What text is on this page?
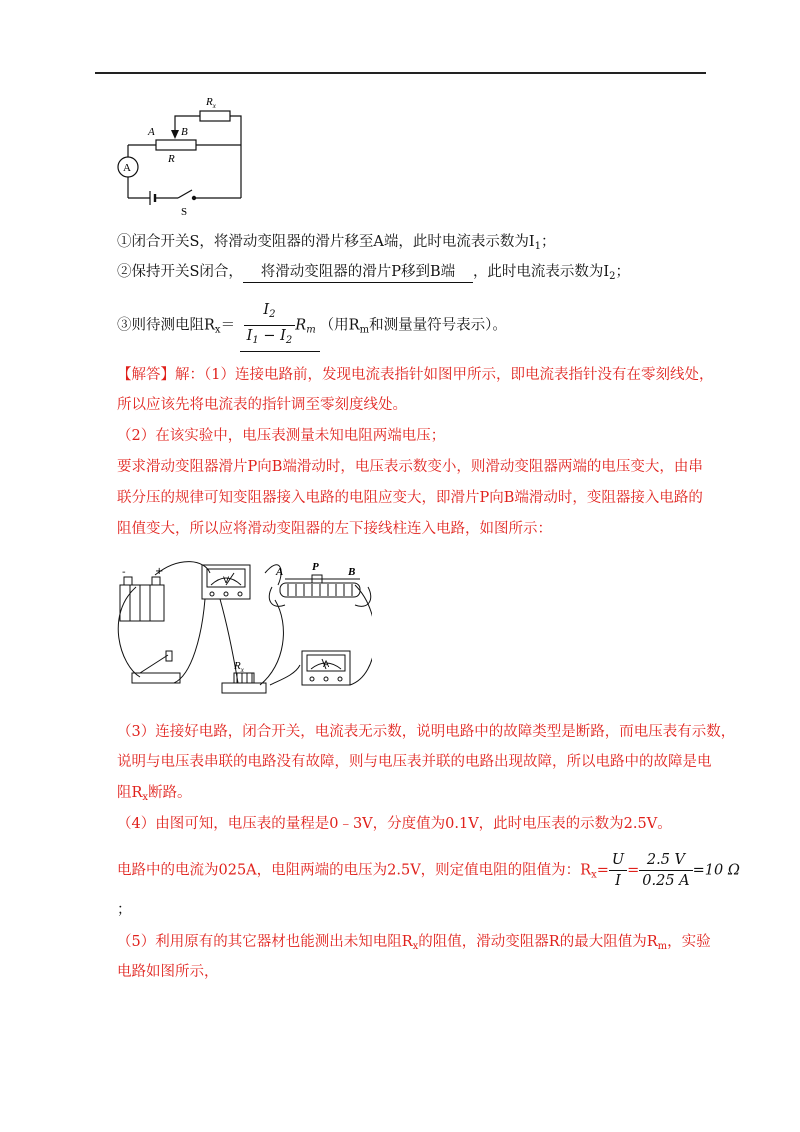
$R_x$
A B
R
A
S
①闭合开关S，将滑动变阻器的滑片移至A端，此时电流表示数为$I_1$；
②保持开关S闭合， 将滑动变阻器的滑片P移到B端 ，此时电流表示数为$I_2$；
③则待测电阻$R_x= \frac{I_2}{I_1 - I_2} R_m$ （用$R_m$和测量量符号表示）。
【解答】解：（1）连接电路前，发现电流表指针如图甲所示，即电流表指针没有在零刻线处，
所以应该先将电流表的指针调至零刻度线处。
（2）在该实验中，电压表测量未知电阻两端电压；
要求滑动变阻器滑片P向B端滑动时，电压表示数变小，则滑动变阻器两端的电压变大，由串
联分压的规律可知变阻器接入电路的电阻应变大，即滑片P向B端滑动时，变阻器接入电路的
阻值变大，所以应将滑动变阻器的左下接线柱连入电路，如图所示：
-	+
V
A
A	P	B
$R_x$
（3）连接好电路，闭合开关，电流表无示数，说明电路中的故障类型是断路，而电压表有示数，
说明与电压表串联的电路没有故障，则与电压表并联的电路出现故障，所以电路中的故障是电
阻$R_x$断路。
（4）由图可知，电压表的量程是0﹣3V，分度值为0.1V，此时电压表的示数为2.5V。
电路中的电流为025A，电阻两端的电压为2.5V，则定值电阻的阻值为：$R_x= \frac{U}{I} = \frac{2.5 V}{0.25 A} =10$ Ω
；
（5）利用原有的其它器材也能测出未知电阻$R_x$的阻值，滑动变阻器R的最大阻值为$R_m$，实验
电路如图所示，
